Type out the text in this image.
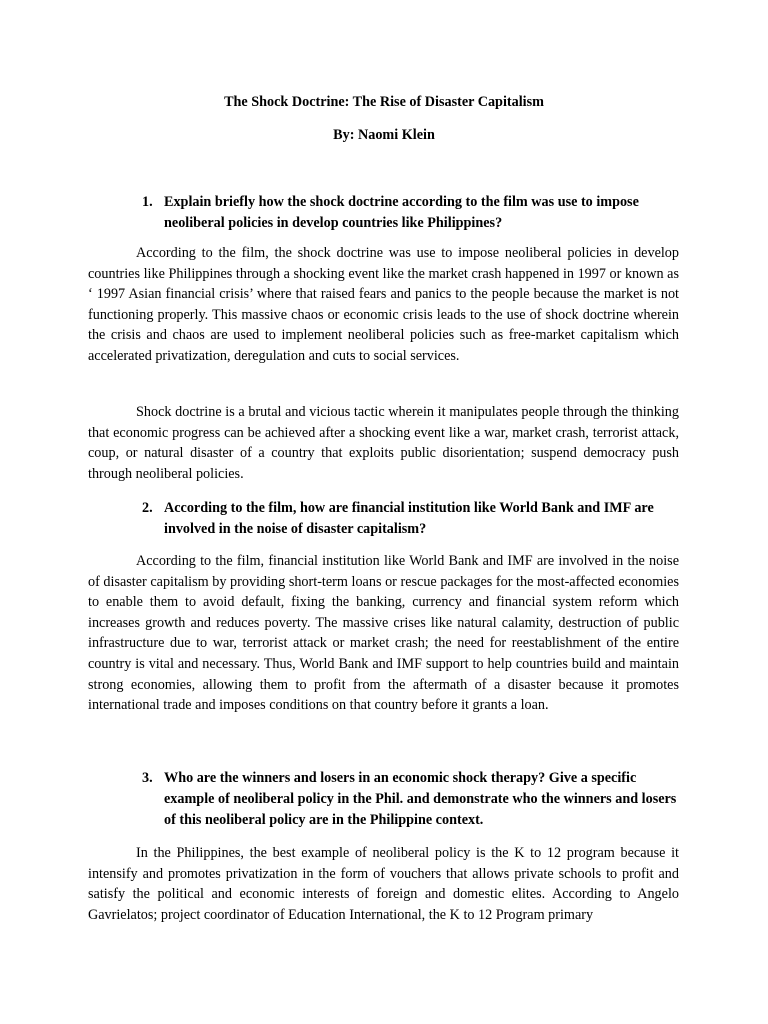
The Shock Doctrine: The Rise of Disaster Capitalism
By: Naomi Klein
1. Explain briefly how the shock doctrine according to the film was use to impose neoliberal policies in develop countries like Philippines?
According to the film, the shock doctrine was use to impose neoliberal policies in develop countries like Philippines through a shocking event like the market crash happened in 1997 or known as ‘ 1997 Asian financial crisis’ where that raised fears and panics to the people because the market is not functioning properly. This massive chaos or economic crisis leads to the use of shock doctrine wherein the crisis and chaos are used to implement neoliberal policies such as free-market capitalism which accelerated privatization, deregulation and cuts to social services.
Shock doctrine is a brutal and vicious tactic wherein it manipulates people through the thinking that economic progress can be achieved after a shocking event like a war, market crash, terrorist attack, coup, or natural disaster of a country that exploits public disorientation; suspend democracy push through neoliberal policies.
2. According to the film, how are financial institution like World Bank and IMF are involved in the noise of disaster capitalism?
According to the film, financial institution like World Bank and IMF are involved in the noise of disaster capitalism by providing short-term loans or rescue packages for the most-affected economies to enable them to avoid default, fixing the banking, currency and financial system reform which increases growth and reduces poverty. The massive crises like natural calamity, destruction of public infrastructure due to war, terrorist attack or market crash; the need for reestablishment of the entire country is vital and necessary. Thus, World Bank and IMF support to help countries build and maintain strong economies, allowing them to profit from the aftermath of a disaster because it promotes international trade and imposes conditions on that country before it grants a loan.
3. Who are the winners and losers in an economic shock therapy? Give a specific example of neoliberal policy in the Phil. and demonstrate who the winners and losers of this neoliberal policy are in the Philippine context.
In the Philippines, the best example of neoliberal policy is the K to 12 program because it intensify and promotes privatization in the form of vouchers that allows private schools to profit and satisfy the political and economic interests of foreign and domestic elites. According to Angelo Gavrielatos; project coordinator of Education International, the K to 12 Program primary
